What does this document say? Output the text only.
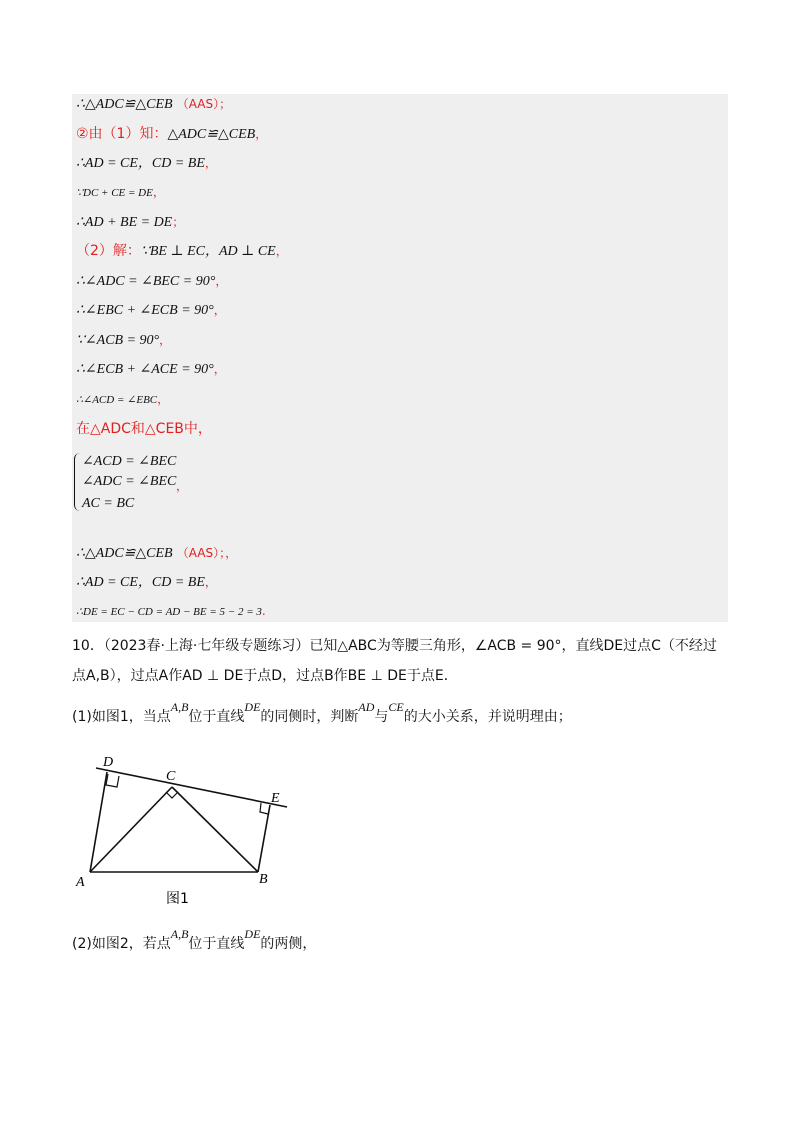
∴△ADC≌△CEB （AAS）；
②由（1）知：△ADC≌△CEB，
∴AD = CE，CD = BE，
∵DC + CE = DE，
∴AD + BE = DE；
（2）解：∵BE ⊥ EC，AD ⊥ CE，
∴∠ADC = ∠BEC = 90°，
∴∠EBC + ∠ECB = 90°，
∵∠ACB = 90°，
∴∠ECB + ∠ACE = 90°，
∴∠ACD = ∠EBC，
在△ADC和△CEB中，
∠ACD = ∠BEC
∠ADC = ∠BEC
AC = BC
，
∴△ADC≌△CEB （AAS）；，
∴AD = CE，CD = BE，
∴DE = EC − CD = AD − BE = 5 − 2 = 3.
10．（2023春·上海·七年级专题练习）已知△ABC为等腰三角形，∠ACB = 90°，直线DE过点C（不经过
点A,B），过点A作AD ⊥ DE于点D，过点B作BE ⊥ DE于点E．
(1)如图1，当点A,B位于直线DE的同侧时，判断AD与CE的大小关系，并说明理由；
D
C
E
A	B
图1
(2)如图2，若点A,B位于直线DE的两侧，
